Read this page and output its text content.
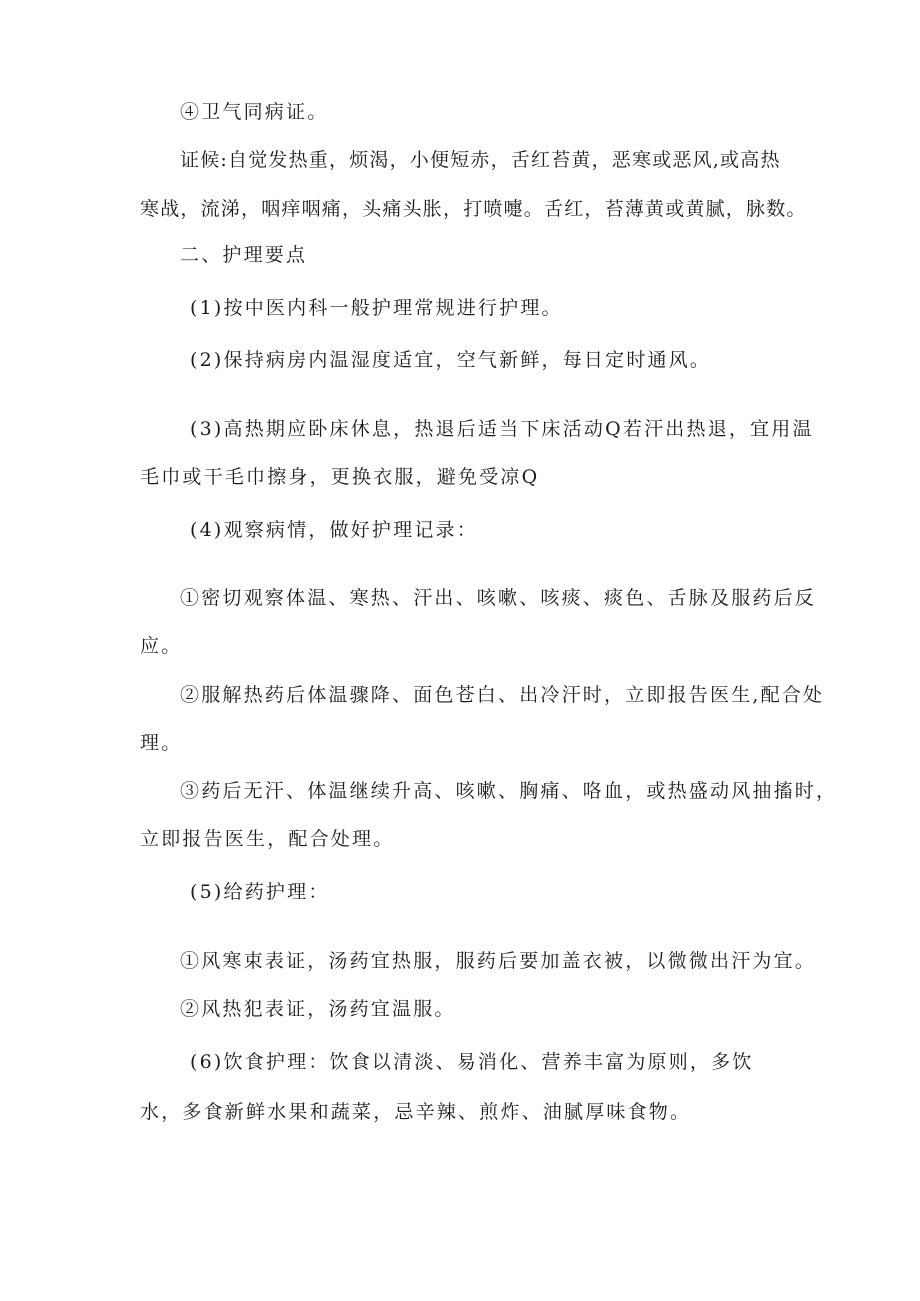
④卫气同病证。
证候:自觉发热重，烦渴，小便短赤，舌红苔黄，恶寒或恶风,或高热
寒战，流涕，咽痒咽痛，头痛头胀，打喷嚏。舌红，苔薄黄或黄腻，脉数。
二、护理要点
(1)按中医内科一般护理常规进行护理。
(2)保持病房内温湿度适宜，空气新鲜，每日定时通风。
(3)高热期应卧床休息，热退后适当下床活动Q若汗出热退，宜用温
毛巾或干毛巾擦身，更换衣服，避免受凉Q
(4)观察病情，做好护理记录：
①密切观察体温、寒热、汗出、咳嗽、咳痰、痰色、舌脉及服药后反
应。
②服解热药后体温骤降、面色苍白、出冷汗时，立即报告医生,配合处
理。
③药后无汗、体温继续升高、咳嗽、胸痛、咯血，或热盛动风抽搐时，
立即报告医生，配合处理。
(5)给药护理：
①风寒束表证，汤药宜热服，服药后要加盖衣被，以微微出汗为宜。
②风热犯表证，汤药宜温服。
(6)饮食护理：饮食以清淡、易消化、营养丰富为原则，多饮
水，多食新鲜水果和蔬菜，忌辛辣、煎炸、油腻厚味食物。
